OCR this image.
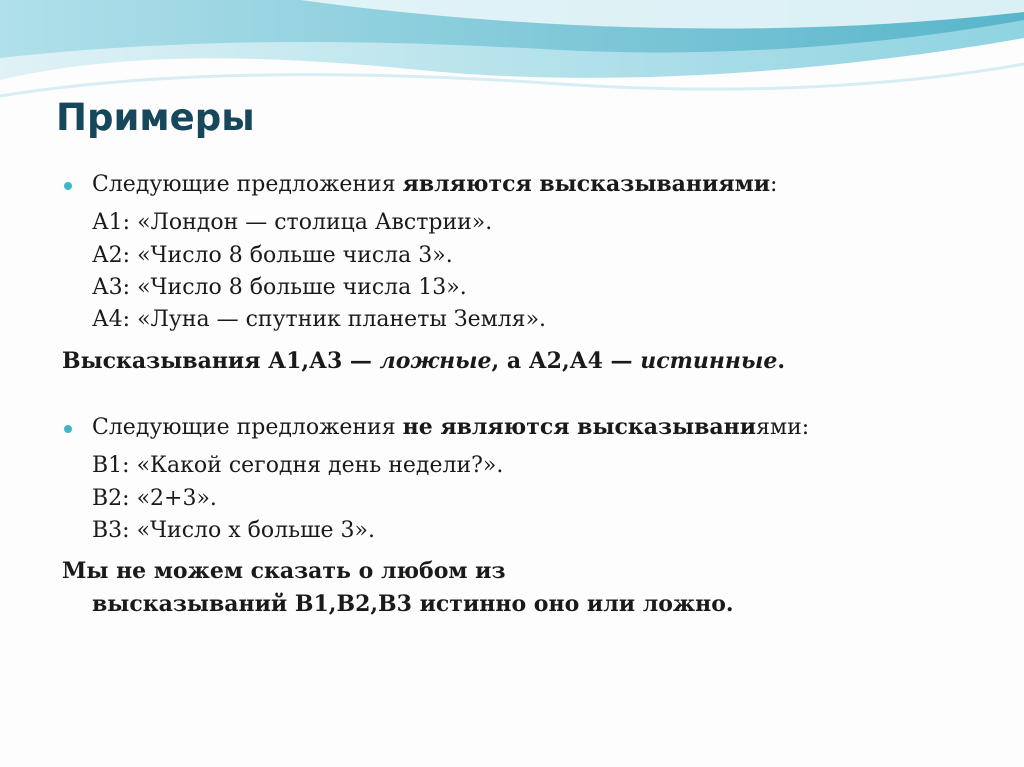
Примеры

Следующие предложения являются высказываниями:

А1: «Лондон — столица Австрии».
А2: «Число 8 больше числа 3».
А3: «Число 8 больше числа 13».
А4: «Луна — спутник планеты Земля».

Высказывания А1,А3 — ложные, а А2,А4 — истинные.

Следующие предложения не являются высказываниями:

В1: «Какой сегодня день недели?».
В2: «2+3».
В3: «Число х больше 3».
Мы не можем сказать о любом из
высказываний В1,В2,В3 истинно оно или ложно.
